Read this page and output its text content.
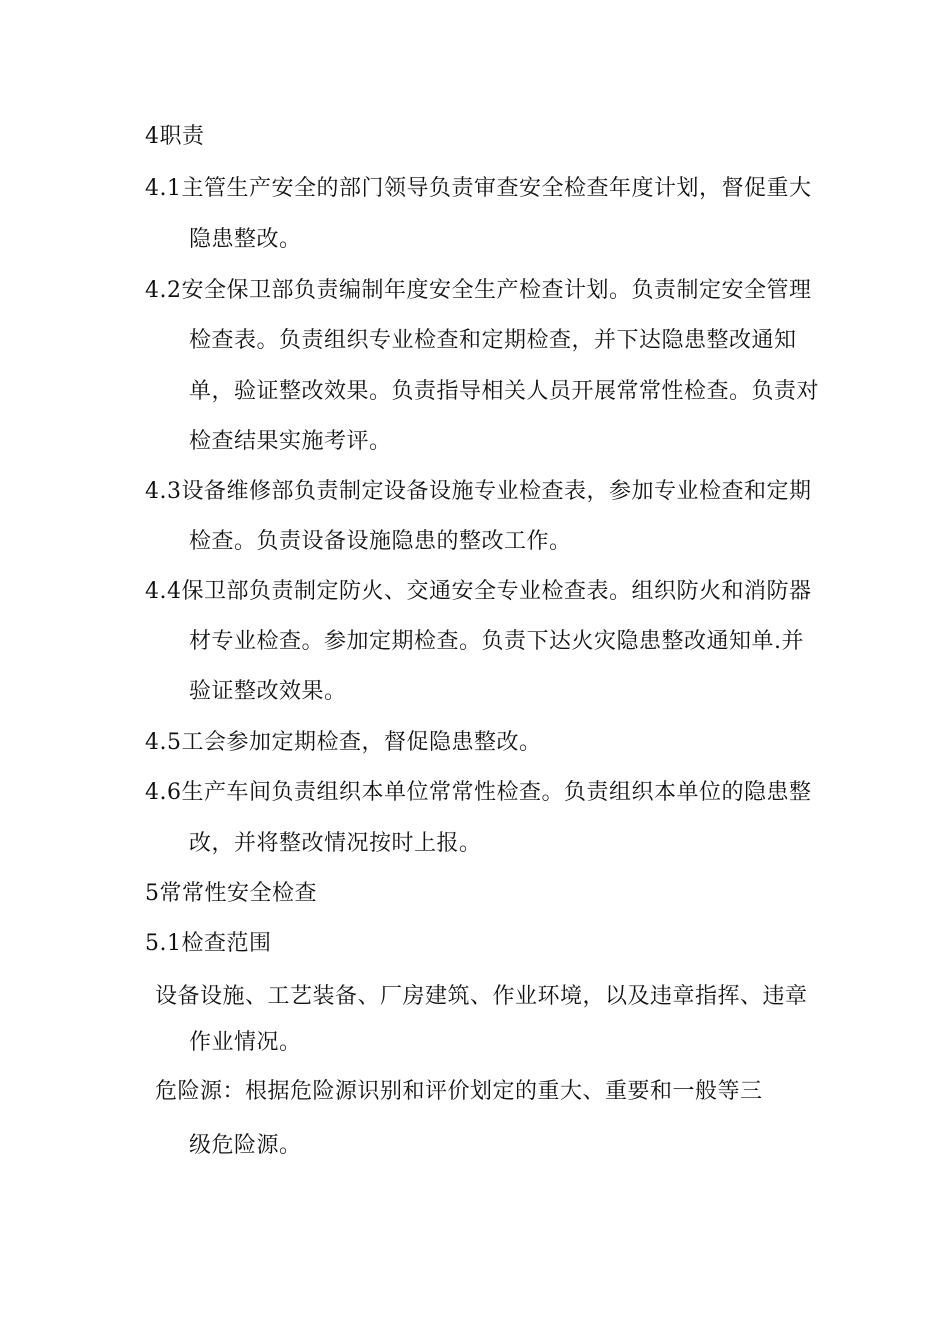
4职责
4.1主管生产安全的部门领导负责审查安全检查年度计划，督促重大
隐患整改。
4.2安全保卫部负责编制年度安全生产检查计划。负责制定安全管理
检查表。负责组织专业检查和定期检查，并下达隐患整改通知
单，验证整改效果。负责指导相关人员开展常常性检查。负责对
检查结果实施考评。
4.3设备维修部负责制定设备设施专业检查表，参加专业检查和定期
检查。负责设备设施隐患的整改工作。
4.4保卫部负责制定防火、交通安全专业检查表。组织防火和消防器
材专业检查。参加定期检查。负责下达火灾隐患整改通知单.并
验证整改效果。
4.5工会参加定期检查，督促隐患整改。
4.6生产车间负责组织本单位常常性检查。负责组织本单位的隐患整
改，并将整改情况按时上报。
5常常性安全检查
5.1检查范围
设备设施、工艺装备、厂房建筑、作业环境，以及违章指挥、违章
作业情况。
危险源：根据危险源识别和评价划定的重大、重要和一般等三
级危险源。
